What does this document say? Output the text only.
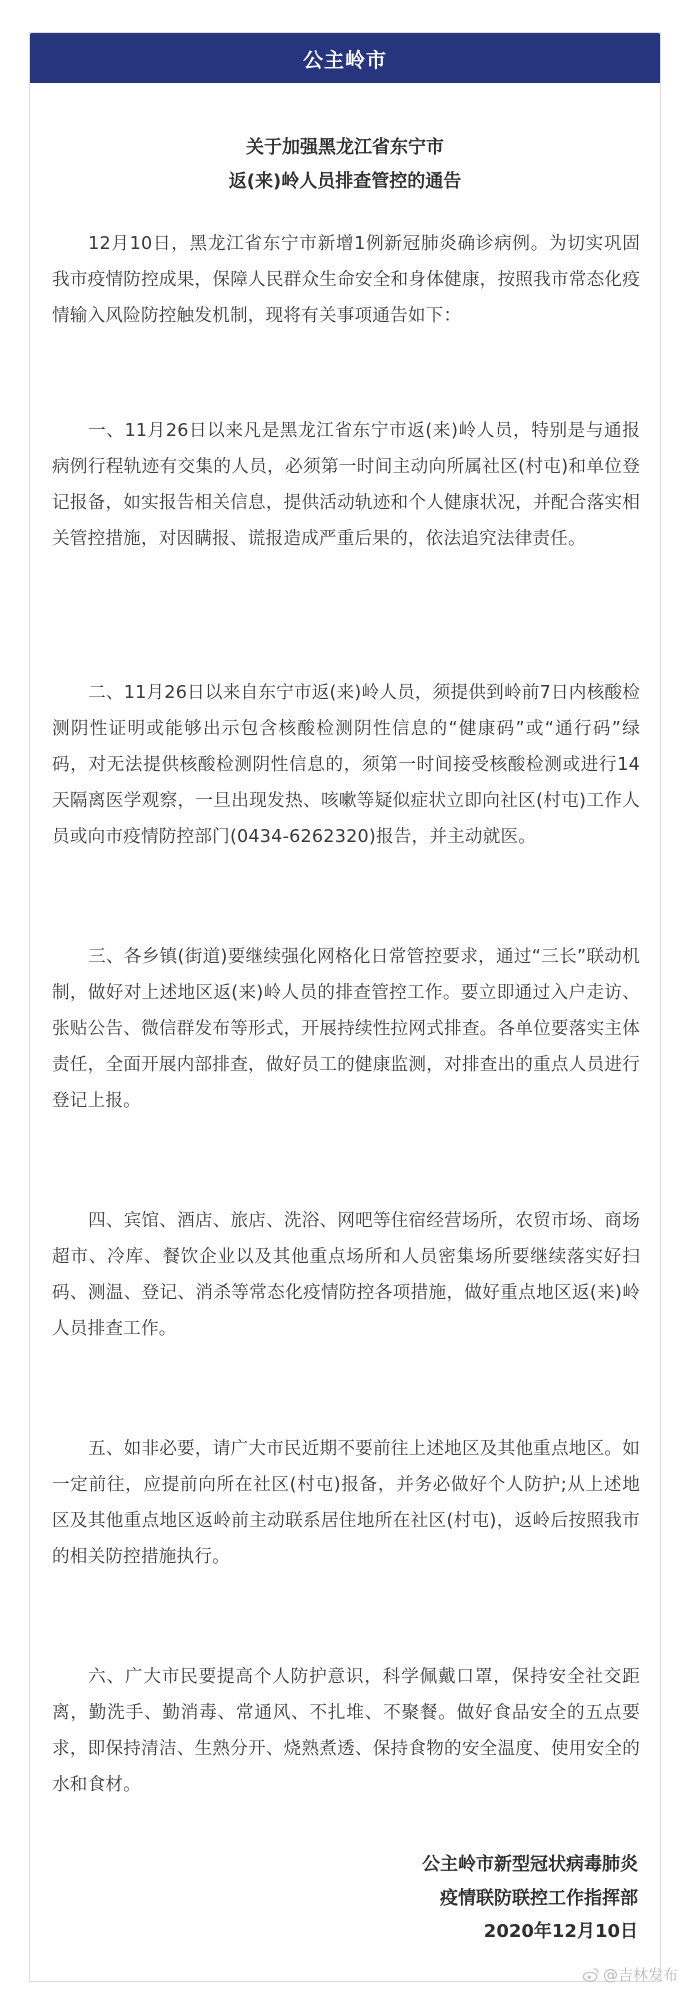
公主岭市
关于加强黑龙江省东宁市
返(来)岭人员排查管控的通告

12月10日，黑龙江省东宁市新增1例新冠肺炎确诊病例。为切实巩固我市疫情防控成果，保障人民群众生命安全和身体健康，按照我市常态化疫情输入风险防控触发机制，现将有关事项通告如下：

一、11月26日以来凡是黑龙江省东宁市返(来)岭人员，特别是与通报病例行程轨迹有交集的人员，必须第一时间主动向所属社区(村屯)和单位登记报备，如实报告相关信息，提供活动轨迹和个人健康状况，并配合落实相关管控措施，对因瞒报、谎报造成严重后果的，依法追究法律责任。

二、11月26日以来自东宁市返(来)岭人员，须提供到岭前7日内核酸检测阴性证明或能够出示包含核酸检测阴性信息的“健康码”或“通行码”绿码，对无法提供核酸检测阴性信息的，须第一时间接受核酸检测或进行14天隔离医学观察，一旦出现发热、咳嗽等疑似症状立即向社区(村屯)工作人员或向市疫情防控部门(0434-6262320)报告，并主动就医。

三、各乡镇(街道)要继续强化网格化日常管控要求，通过“三长”联动机制，做好对上述地区返(来)岭人员的排查管控工作。要立即通过入户走访、张贴公告、微信群发布等形式，开展持续性拉网式排查。各单位要落实主体责任，全面开展内部排查，做好员工的健康监测，对排查出的重点人员进行登记上报。

四、宾馆、酒店、旅店、洗浴、网吧等住宿经营场所，农贸市场、商场超市、冷库、餐饮企业以及其他重点场所和人员密集场所要继续落实好扫码、测温、登记、消杀等常态化疫情防控各项措施，做好重点地区返(来)岭人员排查工作。

五、如非必要，请广大市民近期不要前往上述地区及其他重点地区。如一定前往，应提前向所在社区(村屯)报备，并务必做好个人防护;从上述地区及其他重点地区返岭前主动联系居住地所在社区(村屯)，返岭后按照我市的相关防控措施执行。

六、广大市民要提高个人防护意识，科学佩戴口罩，保持安全社交距离，勤洗手、勤消毒、常通风、不扎堆、不聚餐。做好食品安全的五点要求，即保持清洁、生熟分开、烧熟煮透、保持食物的安全温度、使用安全的水和食材。

公主岭市新型冠状病毒肺炎
疫情联防联控工作指挥部
2020年12月10日
@吉林发布
